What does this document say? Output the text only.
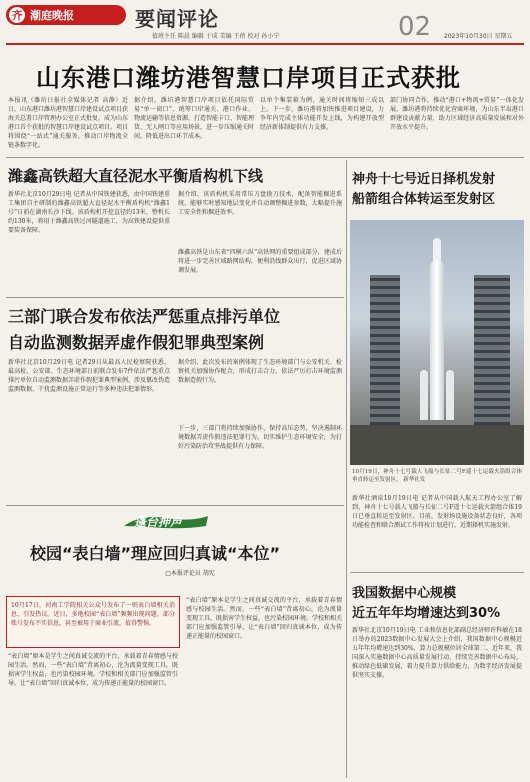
齐 潮庭晚报	要闻评论
值班主任 陈晨 编辑 于成 美编 王蓓 校对 孙小宁	02 2023年10月30日 星期五
山东港口潍坊港智慧口岸项目正式获批
本报讯（潍坊日报社全媒体记者 高静）近日，山东港口潍坊港智慧口岸建设试点项目获海关总署口岸管理办公室正式批复，成为山东港口首个获批的智慧口岸建设试点项目。项目将围绕“一站式”通关服务，推动口岸物流全链条数字化。
据介绍，潍坊港智慧口岸项目依托国际贸易“单一窗口”，统筹口岸通关、港口作业、物流运输等信息资源，打造智能卡口、智能理货、无人闸口等应用场景，进一步压缩通关时间、降低进出口环节成本。
以单个集装箱为例，通关时间将缩短三成以上。下一步，潍坊港将加快推进项目建设，力争年内完成主体功能开发上线，为构建开放型经济新体制提供有力支撑。
部门协同合作，推动“港口+物流+贸易”一体化发展，潍坊港将持续优化营商环境，为山东半岛港口群建设贡献力量，助力区域经济高质量发展和对外开放水平提升。
潍鑫高铁超大直径泥水平衡盾构机下线
新华社北京10月29日电 记者从中国铁建获悉，由中国铁建重工集团自主研制的潍鑫高铁超大直径泥水平衡盾构机“潍鑫1号”日前在湖南长沙下线。该盾构机开挖直径约13米，整机长约130米，将用于潍鑫高铁过河隧道施工，为高铁建设提供重要装备保障。
据介绍，该盾构机采用常压刀盘换刀技术，配备智能掘进系统，能够实时感知地层变化并自动调整掘进参数，大幅提升施工安全性和掘进效率。
潍鑫高铁是山东省“四横六纵”高铁网的重要组成部分，建成后将进一步完善区域路网结构，便利沿线群众出行，促进区域协调发展。
三部门联合发布依法严惩重点排污单位
自动监测数据弄虚作假犯罪典型案例
新华社北京10月29日电 记者29日从最高人民检察院获悉，最高检、公安部、生态环境部日前联合发布7件依法严惩重点排污单位自动监测数据弄虚作假犯罪典型案例，涉及篡改伪造监测数据、干扰监测设施正常运行等多种违法犯罪情形。
据介绍，此次发布的案例体现了生态环境部门与公安机关、检察机关加强协作配合，形成打击合力，依法严厉打击环境监测数据造假行为。
下一步，三部门将持续加强协作，保持高压态势，坚决遏制环境数据弄虚作假违法犯罪行为，切实维护生态环境安全，为打好污染防治攻坚战提供有力保障。
神舟十七号近日择机发射
船箭组合体转运至发射区
10月19日，神舟十七号载人飞船与长征二号F遥十七运载火箭组合体垂直转运至发射区。 新华社发
新华社酒泉10月19日电 记者从中国载人航天工程办公室了解到，神舟十七号载人飞船与长征二号F遥十七运载火箭组合体19日已垂直转运至发射区。目前，发射场设施设备状态良好，各项功能检查和联合测试工作将按计划进行，近期择机实施发射。
我国数据中心规模
近五年年均增速达到30%
新华社北京10月19日电 工业和信息化部副总经济师许科敏在18日举办的2023数据中心发展大会上介绍，我国数据中心规模近五年年均增速达到30%，算力总规模位居全球第二。近年来，我国深入实施数据中心高质量发展行动，持续完善数据中心布局，推动绿色低碳发展，着力提升算力供给能力，为数字经济发展提供坚实支撑。
蓬台抻声
校园“表白墙”理应回归真诚“本位”
□本报评论员 胡宪
10月17日，河南工学院相关公众号发布了一则表白墙相关消息，引发热议。近日，多地校园“表白墙”频频出现问题，部分账号发布不实信息，甚至被用于商业引流，值得警惕。
“表白墙”原本是学生之间真诚交流的平台，承载着青春情感与校园生活。然而，一些“表白墙”背离初心，沦为流量变现工具，既损害学生权益，也污染校园环境。学校和相关部门应加强监管引导，让“表白墙”回归真诚本位，成为传递正能量的校园窗口。
“表白墙”原本是学生之间真诚交流的平台，承载着青春情感与校园生活。然而，一些“表白墙”背离初心，沦为流量变现工具，既损害学生权益，也污染校园环境。学校和相关部门应加强监管引导，让“表白墙”回归真诚本位，成为传递正能量的校园窗口。
